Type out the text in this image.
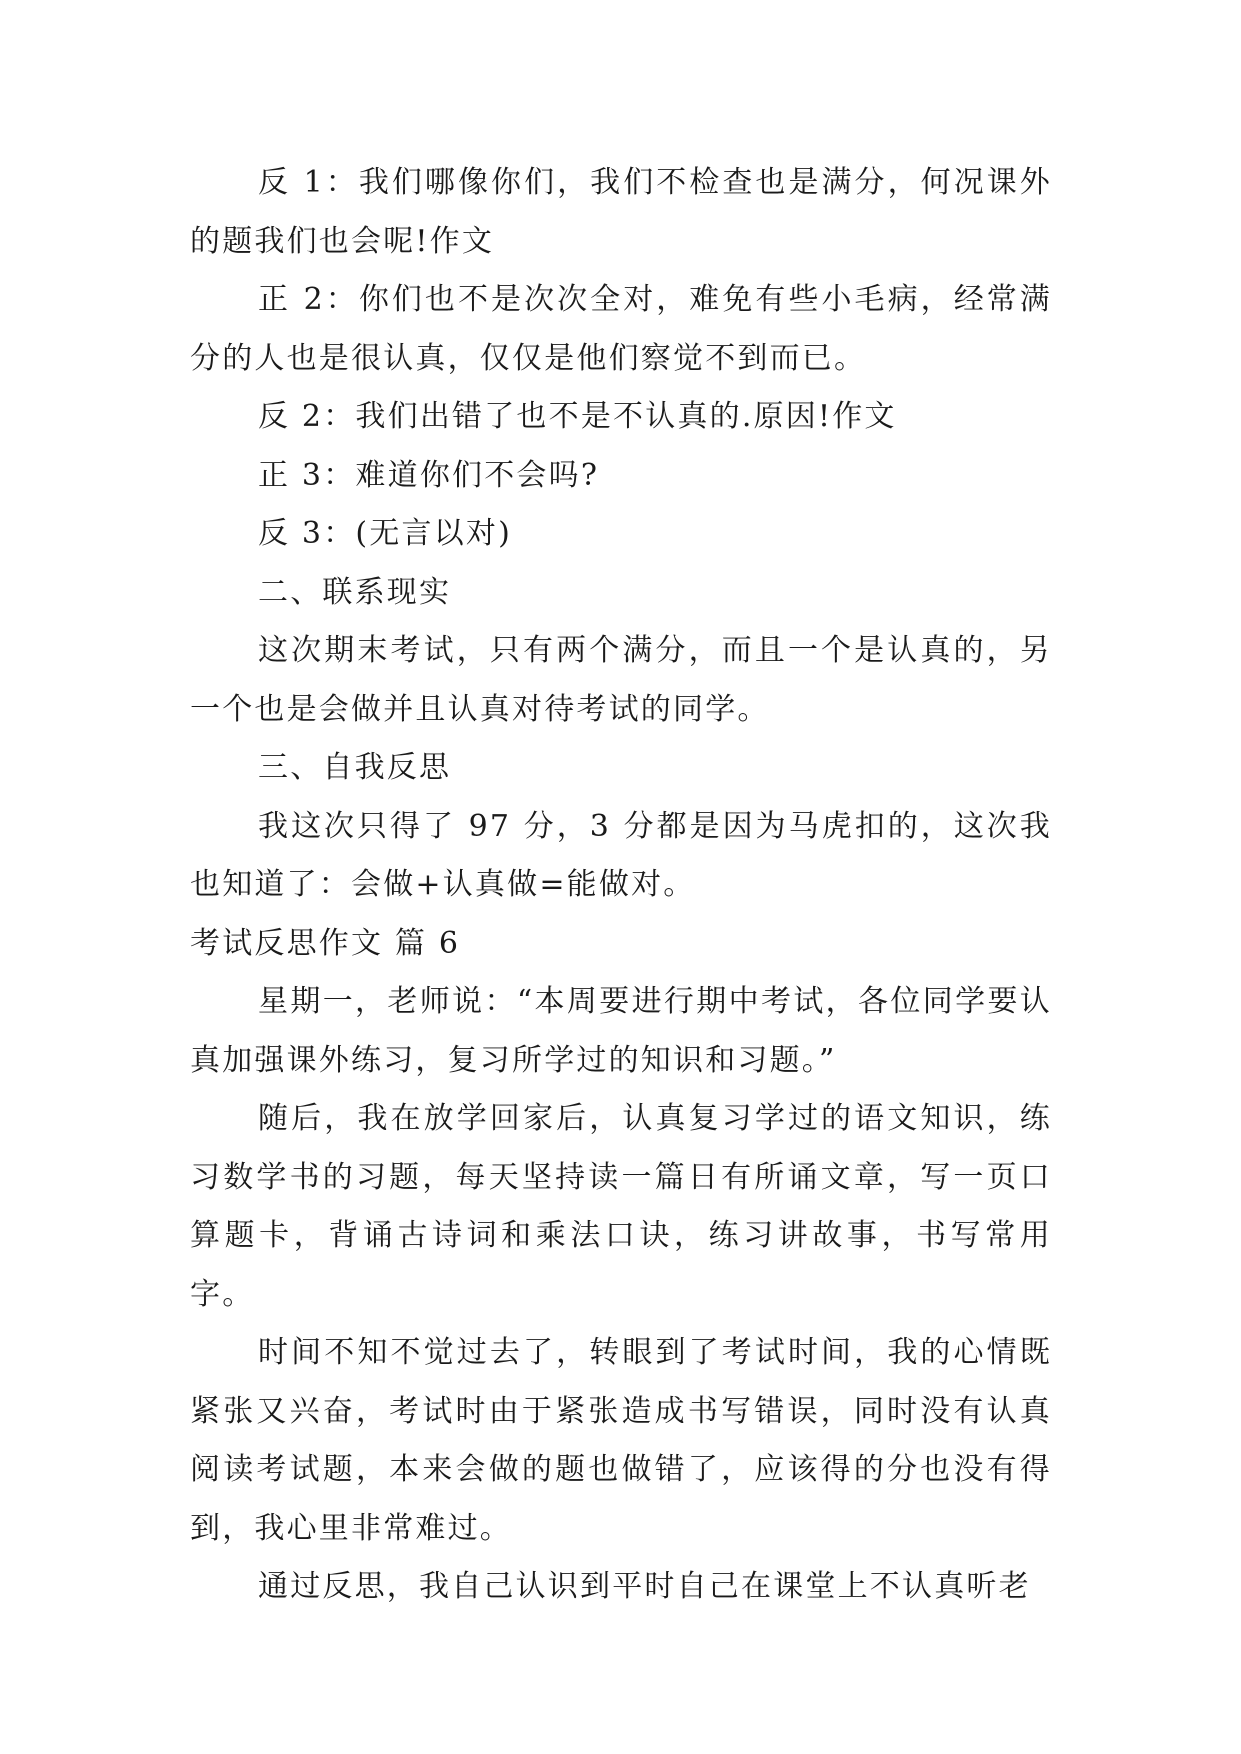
反 1：我们哪像你们，我们不检查也是满分，何况课外的题我们也会呢!作文

正 2：你们也不是次次全对，难免有些小毛病，经常满分的人也是很认真，仅仅是他们察觉不到而已。

反 2：我们出错了也不是不认真的.原因!作文

正 3：难道你们不会吗?

反 3：(无言以对)

二、联系现实

这次期末考试，只有两个满分，而且一个是认真的，另一个也是会做并且认真对待考试的同学。

三、自我反思

我这次只得了 97 分，3 分都是因为马虎扣的，这次我也知道了：会做+认真做=能做对。

考试反思作文 篇 6

星期一，老师说：“本周要进行期中考试，各位同学要认真加强课外练习，复习所学过的知识和习题。”

随后，我在放学回家后，认真复习学过的语文知识，练习数学书的习题，每天坚持读一篇日有所诵文章，写一页口算题卡，背诵古诗词和乘法口诀，练习讲故事，书写常用字。

时间不知不觉过去了，转眼到了考试时间，我的心情既紧张又兴奋，考试时由于紧张造成书写错误，同时没有认真阅读考试题，本来会做的题也做错了，应该得的分也没有得到，我心里非常难过。

通过反思，我自己认识到平时自己在课堂上不认真听老
